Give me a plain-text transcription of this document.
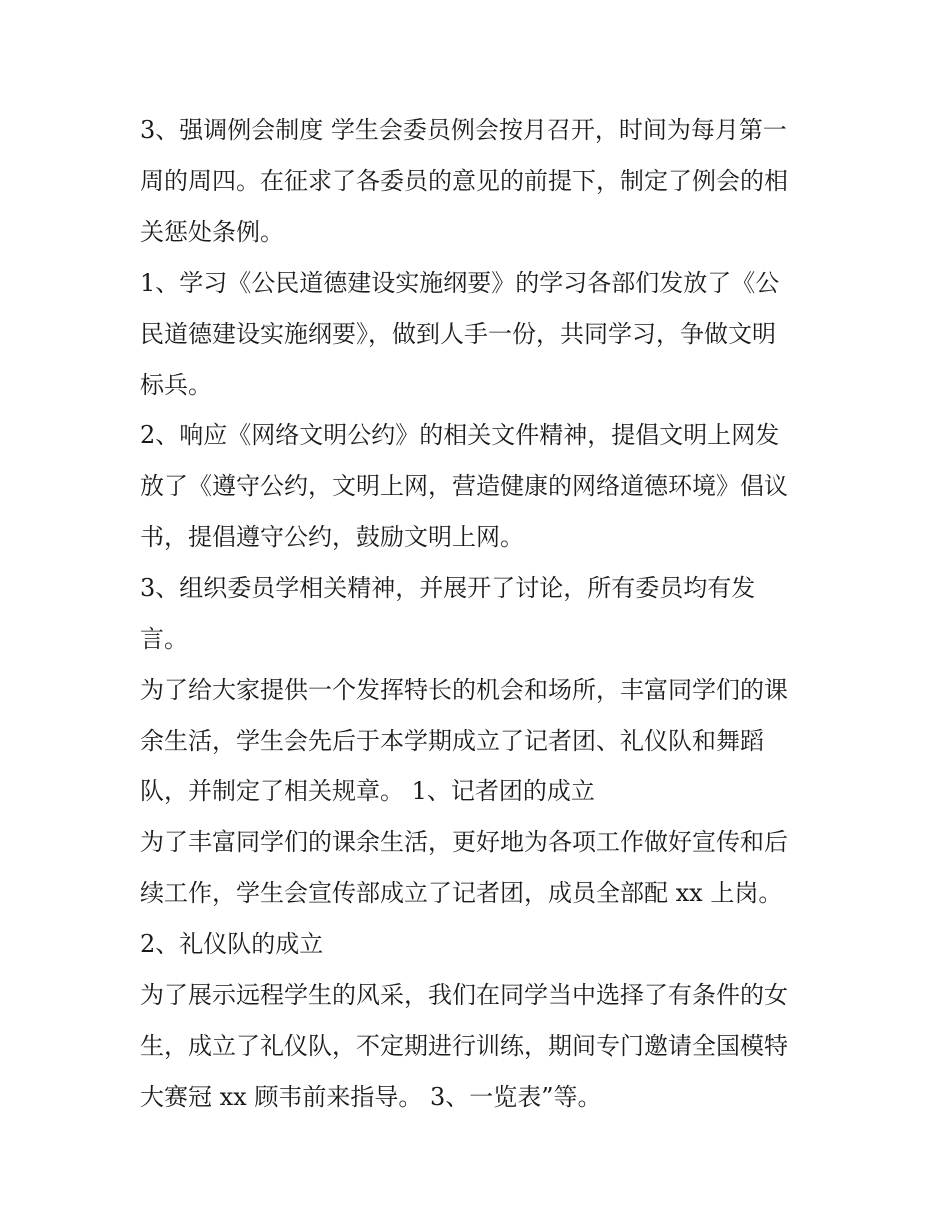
3、强调例会制度 学生会委员例会按月召开，时间为每月第一
周的周四。在征求了各委员的意见的前提下，制定了例会的相
关惩处条例。
1、学习《公民道德建设实施纲要》的学习各部们发放了《公
民道德建设实施纲要》，做到人手一份，共同学习，争做文明
标兵。
2、响应《网络文明公约》的相关文件精神，提倡文明上网发
放了《遵守公约，文明上网，营造健康的网络道德环境》倡议
书，提倡遵守公约，鼓励文明上网。
3、组织委员学相关精神，并展开了讨论，所有委员均有发
言。
为了给大家提供一个发挥特长的机会和场所，丰富同学们的课
余生活，学生会先后于本学期成立了记者团、礼仪队和舞蹈
队，并制定了相关规章。 1、记者团的成立
为了丰富同学们的课余生活，更好地为各项工作做好宣传和后
续工作，学生会宣传部成立了记者团，成员全部配 xx 上岗。
2、礼仪队的成立
为了展示远程学生的风采，我们在同学当中选择了有条件的女
生，成立了礼仪队，不定期进行训练，期间专门邀请全国模特
大赛冠 xx 顾韦前来指导。 3、一览表”等。
